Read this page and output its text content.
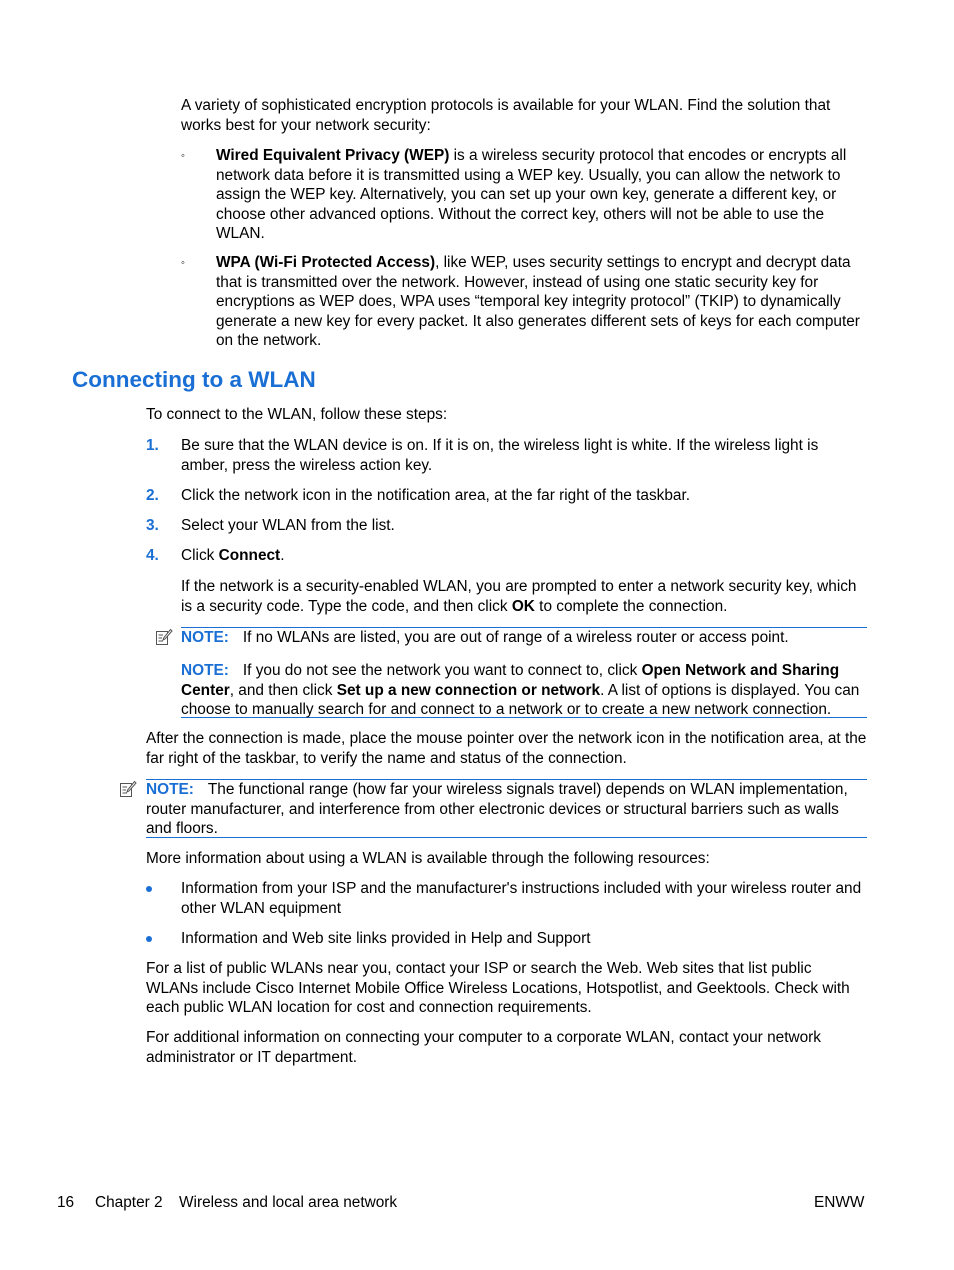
A variety of sophisticated encryption protocols is available for your WLAN. Find the solution that works best for your network security:

◦ Wired Equivalent Privacy (WEP) is a wireless security protocol that encodes or encrypts all network data before it is transmitted using a WEP key. Usually, you can allow the network to assign the WEP key. Alternatively, you can set up your own key, generate a different key, or choose other advanced options. Without the correct key, others will not be able to use the WLAN.

◦ WPA (Wi-Fi Protected Access), like WEP, uses security settings to encrypt and decrypt data that is transmitted over the network. However, instead of using one static security key for encryptions as WEP does, WPA uses “temporal key integrity protocol” (TKIP) to dynamically generate a new key for every packet. It also generates different sets of keys for each computer on the network.

Connecting to a WLAN

To connect to the WLAN, follow these steps:

1. Be sure that the WLAN device is on. If it is on, the wireless light is white. If the wireless light is amber, press the wireless action key.

2. Click the network icon in the notification area, at the far right of the taskbar.

3. Select your WLAN from the list.

4. Click Connect.

If the network is a security-enabled WLAN, you are prompted to enter a network security key, which is a security code. Type the code, and then click OK to complete the connection.

NOTE: If no WLANs are listed, you are out of range of a wireless router or access point.

NOTE: If you do not see the network you want to connect to, click Open Network and Sharing Center, and then click Set up a new connection or network. A list of options is displayed. You can choose to manually search for and connect to a network or to create a new network connection.

After the connection is made, place the mouse pointer over the network icon in the notification area, at the far right of the taskbar, to verify the name and status of the connection.

NOTE: The functional range (how far your wireless signals travel) depends on WLAN implementation, router manufacturer, and interference from other electronic devices or structural barriers such as walls and floors.

More information about using a WLAN is available through the following resources:

Information from your ISP and the manufacturer's instructions included with your wireless router and other WLAN equipment

Information and Web site links provided in Help and Support

For a list of public WLANs near you, contact your ISP or search the Web. Web sites that list public WLANs include Cisco Internet Mobile Office Wireless Locations, Hotspotlist, and Geektools. Check with each public WLAN location for cost and connection requirements.

For additional information on connecting your computer to a corporate WLAN, contact your network administrator or IT department.

16 Chapter 2 Wireless and local area network	ENWW
